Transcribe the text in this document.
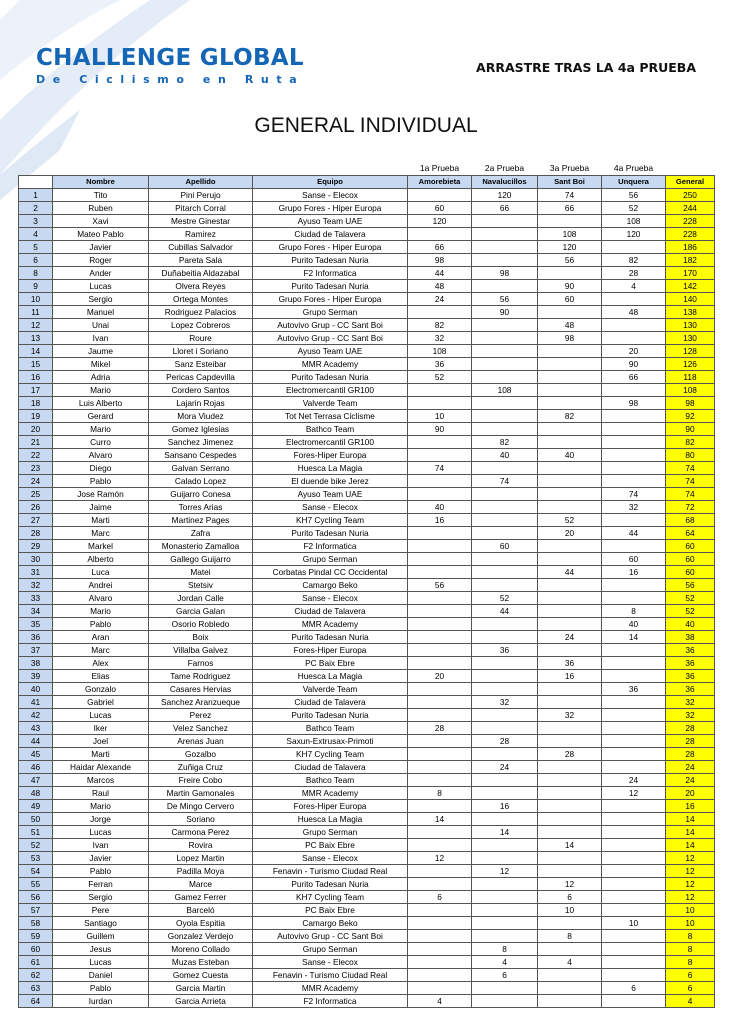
CHALLENGE GLOBAL
De Ciclismo en Ruta
ARRASTRE TRAS LA 4a PRUEBA
GENERAL INDIVIDUAL
				1a Prueba	2a Prueba	3a Prueba	4a Prueba	
	Nombre	Apellido	Equipo	Amorebieta	Navalucillos	Sant Boi	Unquera	General
1	Tito	Pini Perujo	Sanse - Elecox		120	74	56	250
2	Ruben	Pitarch Corral	Grupo Fores - Hiper Europa	60	66	66	52	244
3	Xavi	Mestre Ginestar	Ayuso Team UAE	120			108	228
4	Mateo Pablo	Ramirez	Ciudad de Talavera			108	120	228
5	Javier	Cubillas Salvador	Grupo Fores - Hiper Europa	66		120		186
6	Roger	Pareta Sala	Purito Tadesan Nuria	98		56	82	182
8	Ander	Duñabeitia Aldazabal	F2 Informatica	44	98		28	170
9	Lucas	Olvera Reyes	Purito Tadesan Nuria	48		90	4	142
10	Sergio	Ortega Montes	Grupo Fores - Hiper Europa	24	56	60		140
11	Manuel	Rodriguez Palacios	Grupo Serman		90		48	138
12	Unai	Lopez Cobreros	Autovivo Grup - CC Sant Boi	82		48		130
13	Ivan	Roure	Autovivo Grup - CC Sant Boi	32		98		130
14	Jaume	Lloret i Soriano	Ayuso Team UAE	108			20	128
15	Mikel	Sanz Esteibar	MMR Academy	36			90	126
16	Adria	Pericas Capdevilla	Purito Tadesan Nuria	52			66	118
17	Mario	Cordero Santos	Electromercantil GR100		108			108
18	Luis Alberto	Lajarin Rojas	Valverde Team				98	98
19	Gerard	Mora Viudez	Tot Net Terrasa Ciclisme	10		82		92
20	Mario	Gomez Iglesias	Bathco Team	90				90
21	Curro	Sanchez Jimenez	Electromercantil GR100		82			82
22	Alvaro	Sansano Cespedes	Fores-Hiper Europa		40	40		80
23	Diego	Galvan Serrano	Huesca La Magia	74				74
24	Pablo	Calado Lopez	El duende bike Jerez		74			74
25	Jose Ramón	Guijarro Conesa	Ayuso Team UAE				74	74
26	Jaime	Torres Arias	Sanse - Elecox	40			32	72
27	Marti	Martinez Pages	KH7 Cycling Team	16		52		68
28	Marc	Zafra	Purito Tadesan Nuria			20	44	64
29	Markel	Monasterio Zamalloa	F2 Informatica		60			60
30	Alberto	Gallego Guijarro	Grupo Serman				60	60
31	Luca	Matei	Corbatas Pindal CC Occidental			44	16	60
32	Andrei	Stetsiv	Camargo Beko	56				56
33	Alvaro	Jordan Calle	Sanse - Elecox		52			52
34	Mario	Garcia Galan	Ciudad de Talavera		44		8	52
35	Pablo	Osorio Robledo	MMR Academy				40	40
36	Aran	Boix	Purito Tadesan Nuria			24	14	38
37	Marc	Villalba Galvez	Fores-Hiper Europa		36			36
38	Alex	Farnos	PC Baix Ebre			36		36
39	Elias	Tame Rodriguez	Huesca La Magia	20		16		36
40	Gonzalo	Casares Hervias	Valverde Team				36	36
41	Gabriel	Sanchez Aranzueque	Ciudad de Talavera		32			32
42	Lucas	Perez	Purito Tadesan Nuria			32		32
43	Iker	Velez Sanchez	Bathco Team	28				28
44	Joel	Arenas Juan	Saxun-Extrusax-Primoti		28			28
45	Marti	Gozalbo	KH7 Cycling Team			28		28
46	Haidar Alexande	Zuñiga Cruz	Ciudad de Talavera		24			24
47	Marcos	Freire Cobo	Bathco Team				24	24
48	Raul	Martin Gamonales	MMR Academy	8			12	20
49	Mario	De Mingo Cervero	Fores-Hiper Europa		16			16
50	Jorge	Soriano	Huesca La Magia	14				14
51	Lucas	Carmona Perez	Grupo Serman		14			14
52	Ivan	Rovira	PC Baix Ebre			14		14
53	Javier	Lopez Martin	Sanse - Elecox	12				12
54	Pablo	Padilla Moya	Fenavin - Turismo Ciudad Real		12			12
55	Ferran	Marce	Purito Tadesan Nuria			12		12
56	Sergio	Gamez Ferrer	KH7 Cycling Team	6		6		12
57	Pere	Barceló	PC Baix Ebre			10		10
58	Santiago	Oyola Espitia	Camargo Beko				10	10
59	Guillem	Gonzalez Verdejo	Autovivo Grup - CC Sant Boi			8		8
60	Jesus	Moreno Collado	Grupo Serman		8			8
61	Lucas	Muzas Esteban	Sanse - Elecox		4	4		8
62	Daniel	Gomez Cuesta	Fenavin - Turismo Ciudad Real		6			6
63	Pablo	Garcia Martin	MMR Academy				6	6
64	Iurdan	Garcia Arrieta	F2 Informatica	4				4
